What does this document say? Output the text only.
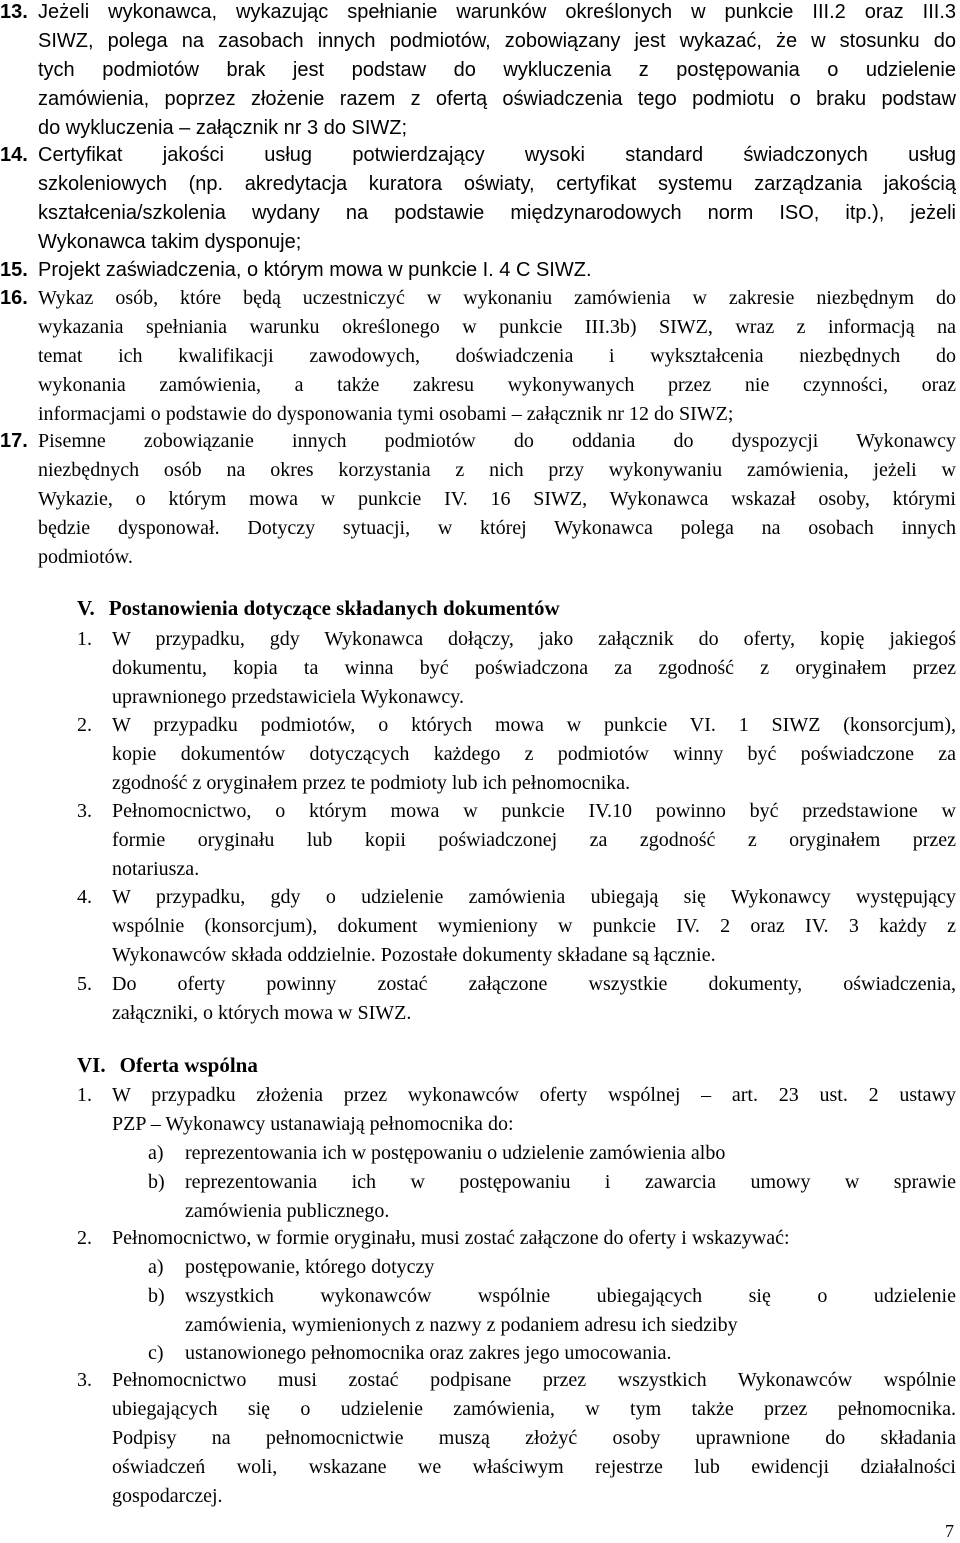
13. Jeżeli wykonawca, wykazując spełnianie warunków określonych w punkcie III.2 oraz III.3
SIWZ, polega na zasobach innych podmiotów, zobowiązany jest wykazać, że w stosunku do
tych podmiotów brak jest podstaw do wykluczenia z postępowania o udzielenie
zamówienia, poprzez złożenie razem z ofertą oświadczenia tego podmiotu o braku podstaw
do wykluczenia – załącznik nr 3 do SIWZ;
14. Certyfikat jakości usług potwierdzający wysoki standard świadczonych usług
szkoleniowych (np. akredytacja kuratora oświaty, certyfikat systemu zarządzania jakością
kształcenia/szkolenia wydany na podstawie międzynarodowych norm ISO, itp.), jeżeli
Wykonawca takim dysponuje;
15. Projekt zaświadczenia, o którym mowa w punkcie I. 4 C SIWZ.
16. Wykaz osób, które będą uczestniczyć w wykonaniu zamówienia w zakresie niezbędnym do
wykazania spełniania warunku określonego w punkcie III.3b) SIWZ, wraz z informacją na
temat ich kwalifikacji zawodowych, doświadczenia i wykształcenia niezbędnych do
wykonania zamówienia, a także zakresu wykonywanych przez nie czynności, oraz
informacjami o podstawie do dysponowania tymi osobami – załącznik nr 12 do SIWZ;
17. Pisemne zobowiązanie innych podmiotów do oddania do dyspozycji Wykonawcy
niezbędnych osób na okres korzystania z nich przy wykonywaniu zamówienia, jeżeli w
Wykazie, o którym mowa w punkcie IV. 16 SIWZ, Wykonawca wskazał osoby, którymi
będzie dysponował. Dotyczy sytuacji, w której Wykonawca polega na osobach innych
podmiotów.
V. Postanowienia dotyczące składanych dokumentów
1. W przypadku, gdy Wykonawca dołączy, jako załącznik do oferty, kopię jakiegoś
dokumentu, kopia ta winna być poświadczona za zgodność z oryginałem przez
uprawnionego przedstawiciela Wykonawcy.
2. W przypadku podmiotów, o których mowa w punkcie VI. 1 SIWZ (konsorcjum),
kopie dokumentów dotyczących każdego z podmiotów winny być poświadczone za
zgodność z oryginałem przez te podmioty lub ich pełnomocnika.
3. Pełnomocnictwo, o którym mowa w punkcie IV.10 powinno być przedstawione w
formie oryginału lub kopii poświadczonej za zgodność z oryginałem przez
notariusza.
4. W przypadku, gdy o udzielenie zamówienia ubiegają się Wykonawcy występujący
wspólnie (konsorcjum), dokument wymieniony w punkcie IV. 2 oraz IV. 3 każdy z
Wykonawców składa oddzielnie. Pozostałe dokumenty składane są łącznie.
5. Do oferty powinny zostać załączone wszystkie dokumenty, oświadczenia,
załączniki, o których mowa w SIWZ.
VI. Oferta wspólna
1. W przypadku złożenia przez wykonawców oferty wspólnej – art. 23 ust. 2 ustawy
PZP – Wykonawcy ustanawiają pełnomocnika do:
a) reprezentowania ich w postępowaniu o udzielenie zamówienia albo
b) reprezentowania ich w postępowaniu i zawarcia umowy w sprawie
zamówienia publicznego.
2. Pełnomocnictwo, w formie oryginału, musi zostać załączone do oferty i wskazywać:
a) postępowanie, którego dotyczy
b) wszystkich wykonawców wspólnie ubiegających się o udzielenie
zamówienia, wymienionych z nazwy z podaniem adresu ich siedziby
c) ustanowionego pełnomocnika oraz zakres jego umocowania.
3. Pełnomocnictwo musi zostać podpisane przez wszystkich Wykonawców wspólnie
ubiegających się o udzielenie zamówienia, w tym także przez pełnomocnika.
Podpisy na pełnomocnictwie muszą złożyć osoby uprawnione do składania
oświadczeń woli, wskazane we właściwym rejestrze lub ewidencji działalności
gospodarczej.
7
